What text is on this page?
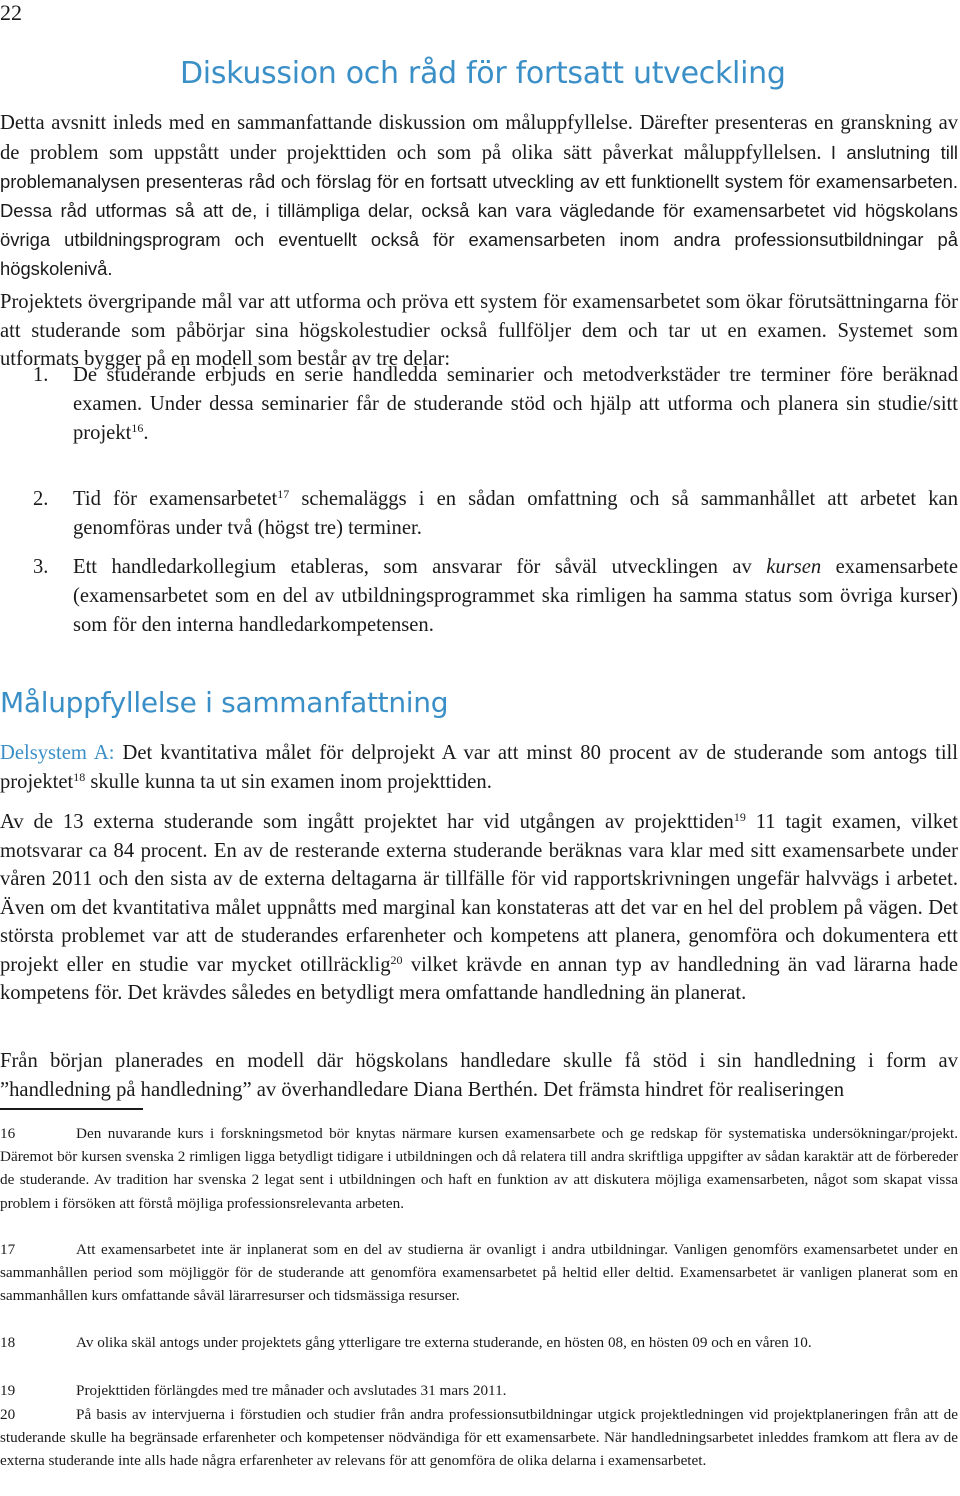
22
Diskussion och råd för fortsatt utveckling
Detta avsnitt inleds med en sammanfattande diskussion om måluppfyllelse. Därefter presenteras en granskning av de problem som uppstått under projekttiden och som på olika sätt påverkat måluppfyllelsen. I anslutning till problemanalysen presenteras råd och förslag för en fortsatt utveckling av ett funktionellt system för examensarbeten. Dessa råd utformas så att de, i tillämpliga delar, också kan vara vägledande för examensarbetet vid högskolans övriga utbildningsprogram och eventuellt också för examensarbeten inom andra professionsutbildningar på högskolenivå.
Projektets övergripande mål var att utforma och pröva ett system för examensarbetet som ökar förutsättningarna för att studerande som påbörjar sina högskolestudier också fullföljer dem och tar ut en examen. Systemet som utformats bygger på en modell som består av tre delar:
1. De studerande erbjuds en serie handledda seminarier och metodverkstäder tre terminer före beräknad examen. Under dessa seminarier får de studerande stöd och hjälp att utforma och planera sin studie/sitt projekt$^{16}$.
2. Tid för examensarbetet$^{17}$ schemaläggs i en sådan omfattning och så sammanhållet att arbetet kan genomföras under två (högst tre) terminer.
3. Ett handledarkollegium etableras, som ansvarar för såväl utvecklingen av kursen examensarbete (examensarbetet som en del av utbildningsprogrammet ska rimligen ha samma status som övriga kurser) som för den interna handledarkompetensen.
Måluppfyllelse i sammanfattning
Delsystem A: Det kvantitativa målet för delprojekt A var att minst 80 procent av de studerande som antogs till projektet$^{18}$ skulle kunna ta ut sin examen inom projekttiden.
Av de 13 externa studerande som ingått projektet har vid utgången av projekttiden$^{19}$ 11 tagit examen, vilket motsvarar ca 84 procent. En av de resterande externa studerande beräknas vara klar med sitt examensarbete under våren 2011 och den sista av de externa deltagarna är tillfälle för vid rapportskrivningen ungefär halvvägs i arbetet. Även om det kvantitativa målet uppnåtts med marginal kan konstateras att det var en hel del problem på vägen. Det största problemet var att de studerandes erfarenheter och kompetens att planera, genomföra och dokumentera ett projekt eller en studie var mycket otillräcklig$^{20}$ vilket krävde en annan typ av handledning än vad lärarna hade kompetens för. Det krävdes således en betydligt mera omfattande handledning än planerat.
Från början planerades en modell där högskolans handledare skulle få stöd i sin handledning i form av ”handledning på handledning” av överhandledare Diana Berthén. Det främsta hindret för realiseringen
16	Den nuvarande kurs i forskningsmetod bör knytas närmare kursen examensarbete och ge redskap för systematiska undersökningar/projekt. Däremot bör kursen svenska 2 rimligen ligga betydligt tidigare i utbildningen och då relatera till andra skriftliga uppgifter av sådan karaktär att de förbereder de studerande. Av tradition har svenska 2 legat sent i utbildningen och haft en funktion av att diskutera möjliga examensarbeten, något som skapat vissa problem i försöken att förstå möjliga professionsrelevanta arbeten.
17	Att examensarbetet inte är inplanerat som en del av studierna är ovanligt i andra utbildningar. Vanligen genomförs examensarbetet under en sammanhållen period som möjliggör för de studerande att genomföra examensarbetet på heltid eller deltid. Examensarbetet är vanligen planerat som en sammanhållen kurs omfattande såväl lärarresurser och tidsmässiga resurser.
18	Av olika skäl antogs under projektets gång ytterligare tre externa studerande, en hösten 08, en hösten 09 och en våren 10.
19	Projekttiden förlängdes med tre månader och avslutades 31 mars 2011.
20	På basis av intervjuerna i förstudien och studier från andra professionsutbildningar utgick projektledningen vid projektplaneringen från att de studerande skulle ha begränsade erfarenheter och kompetenser nödvändiga för ett examensarbete. När handledningsarbetet inleddes framkom att flera av de externa studerande inte alls hade några erfarenheter av relevans för att genomföra de olika delarna i examensarbetet.
